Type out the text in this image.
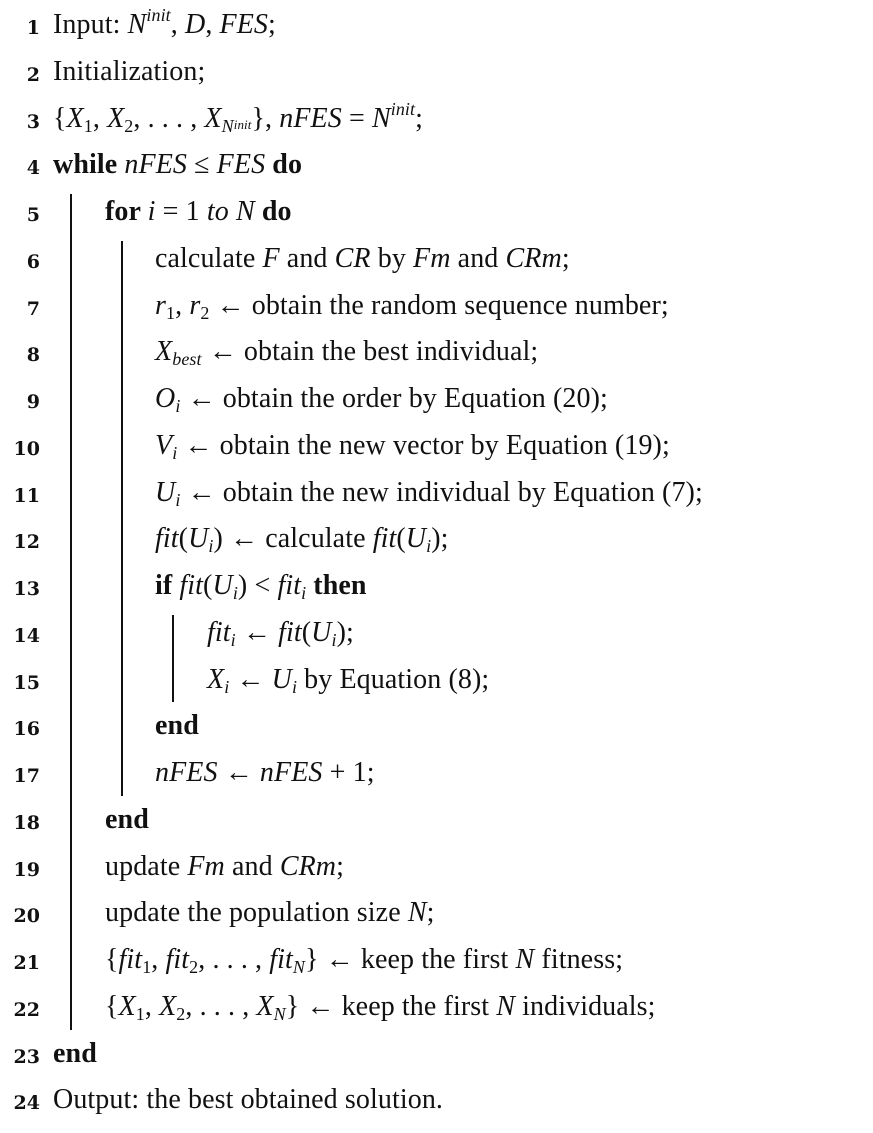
1 Input: $N^{init}$, D, FES;
2 Initialization;
3 {$X_1$, $X_2$, . . . , $X_{Ninit}$}, nFES = $N^{init}$;
4 while nFES ≤ FES do
5 for i = 1 to N do
6	calculate F and CR by Fm and CRm;
7	$r_1$, $r_2$ ← obtain the random sequence number;
8	$X_{best}$ ← obtain the best individual;
9	$O_i$ ← obtain the order by Equation (20);
10	$V_i$ ← obtain the new vector by Equation (19);
11	$U_i$ ← obtain the new individual by Equation (7);
12	$fit(U_i)$ ← calculate $fit(U_i)$;
13	if $fit(U_i) < fit_i$ then
14	fit$_i$ ← $fit(U_i)$;
15	$X_i$ ← $U_i$ by Equation (8);
16	end
17	nFES ← nFES + 1;
18 end
19 update Fm and CRm;
20 update the population size N;
21 {fit$_1$, fit$_2$, . . . , fit$_N$} ← keep the first N fitness;
22 {$X_1$, $X_2$, . . . , $X_N$} ← keep the first N individuals;
23 end
24 Output: the best obtained solution.
